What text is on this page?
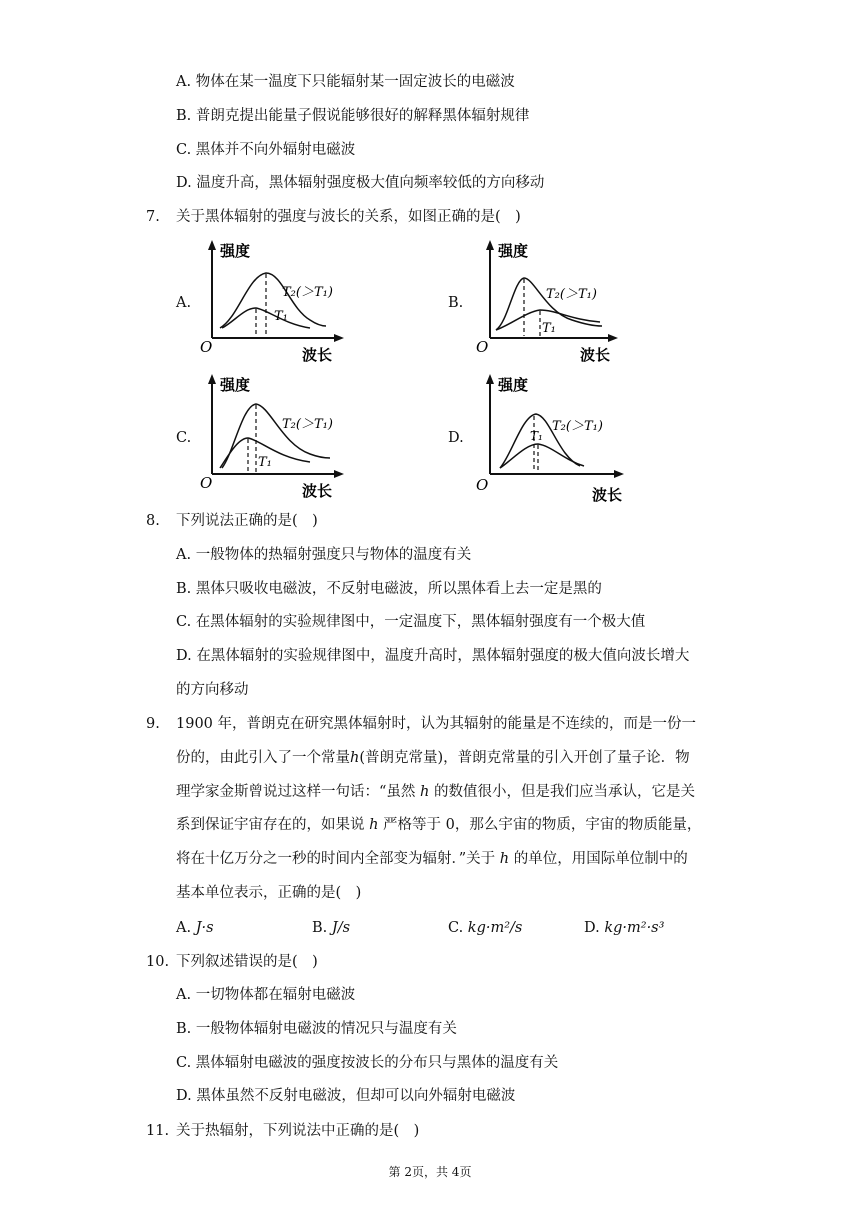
A. 物体在某一温度下只能辐射某一固定波长的电磁波
B. 普朗克提出能量子假说能够很好的解释黑体辐射规律
C. 黑体并不向外辐射电磁波
D. 温度升高，黑体辐射强度极大值向频率较低的方向移动
7. 关于黑体辐射的强度与波长的关系，如图正确的是(　)
A.
强度
O	波长
T₂(＞T₁)
T₁
B.
强度
O	波长
T₂(＞T₁)
T₁
C.
强度
O	波长
T₂(＞T₁)
T₁
D.
强度
O
波长
T₂(＞T₁)
T₁
8. 下列说法正确的是(　)
A. 一般物体的热辐射强度只与物体的温度有关
B. 黑体只吸收电磁波，不反射电磁波，所以黑体看上去一定是黑的
C. 在黑体辐射的实验规律图中，一定温度下，黑体辐射强度有一个极大值
D. 在黑体辐射的实验规律图中，温度升高时，黑体辐射强度的极大值向波长增大
的方向移动
9. 1900 年，普朗克在研究黑体辐射时，认为其辐射的能量是不连续的，而是一份一
份的，由此引入了一个常量h(普朗克常量)，普朗克常量的引入开创了量子论．物
理学家金斯曾说过这样一句话：“虽然 h 的数值很小，但是我们应当承认，它是关
系到保证宇宙存在的，如果说 h 严格等于 0，那么宇宙的物质，宇宙的物质能量，
将在十亿万分之一秒的时间内全部变为辐射．”关于 h 的单位，用国际单位制中的
基本单位表示，正确的是(　)
A. J·s	B. J/s	C. kg·m²/s	D. kg·m²·s³
10. 下列叙述错误的是(　)
A. 一切物体都在辐射电磁波
B. 一般物体辐射电磁波的情况只与温度有关
C. 黑体辐射电磁波的强度按波长的分布只与黑体的温度有关
D. 黑体虽然不反射电磁波，但却可以向外辐射电磁波
11. 关于热辐射，下列说法中正确的是(　)
第 2页，共 4页
